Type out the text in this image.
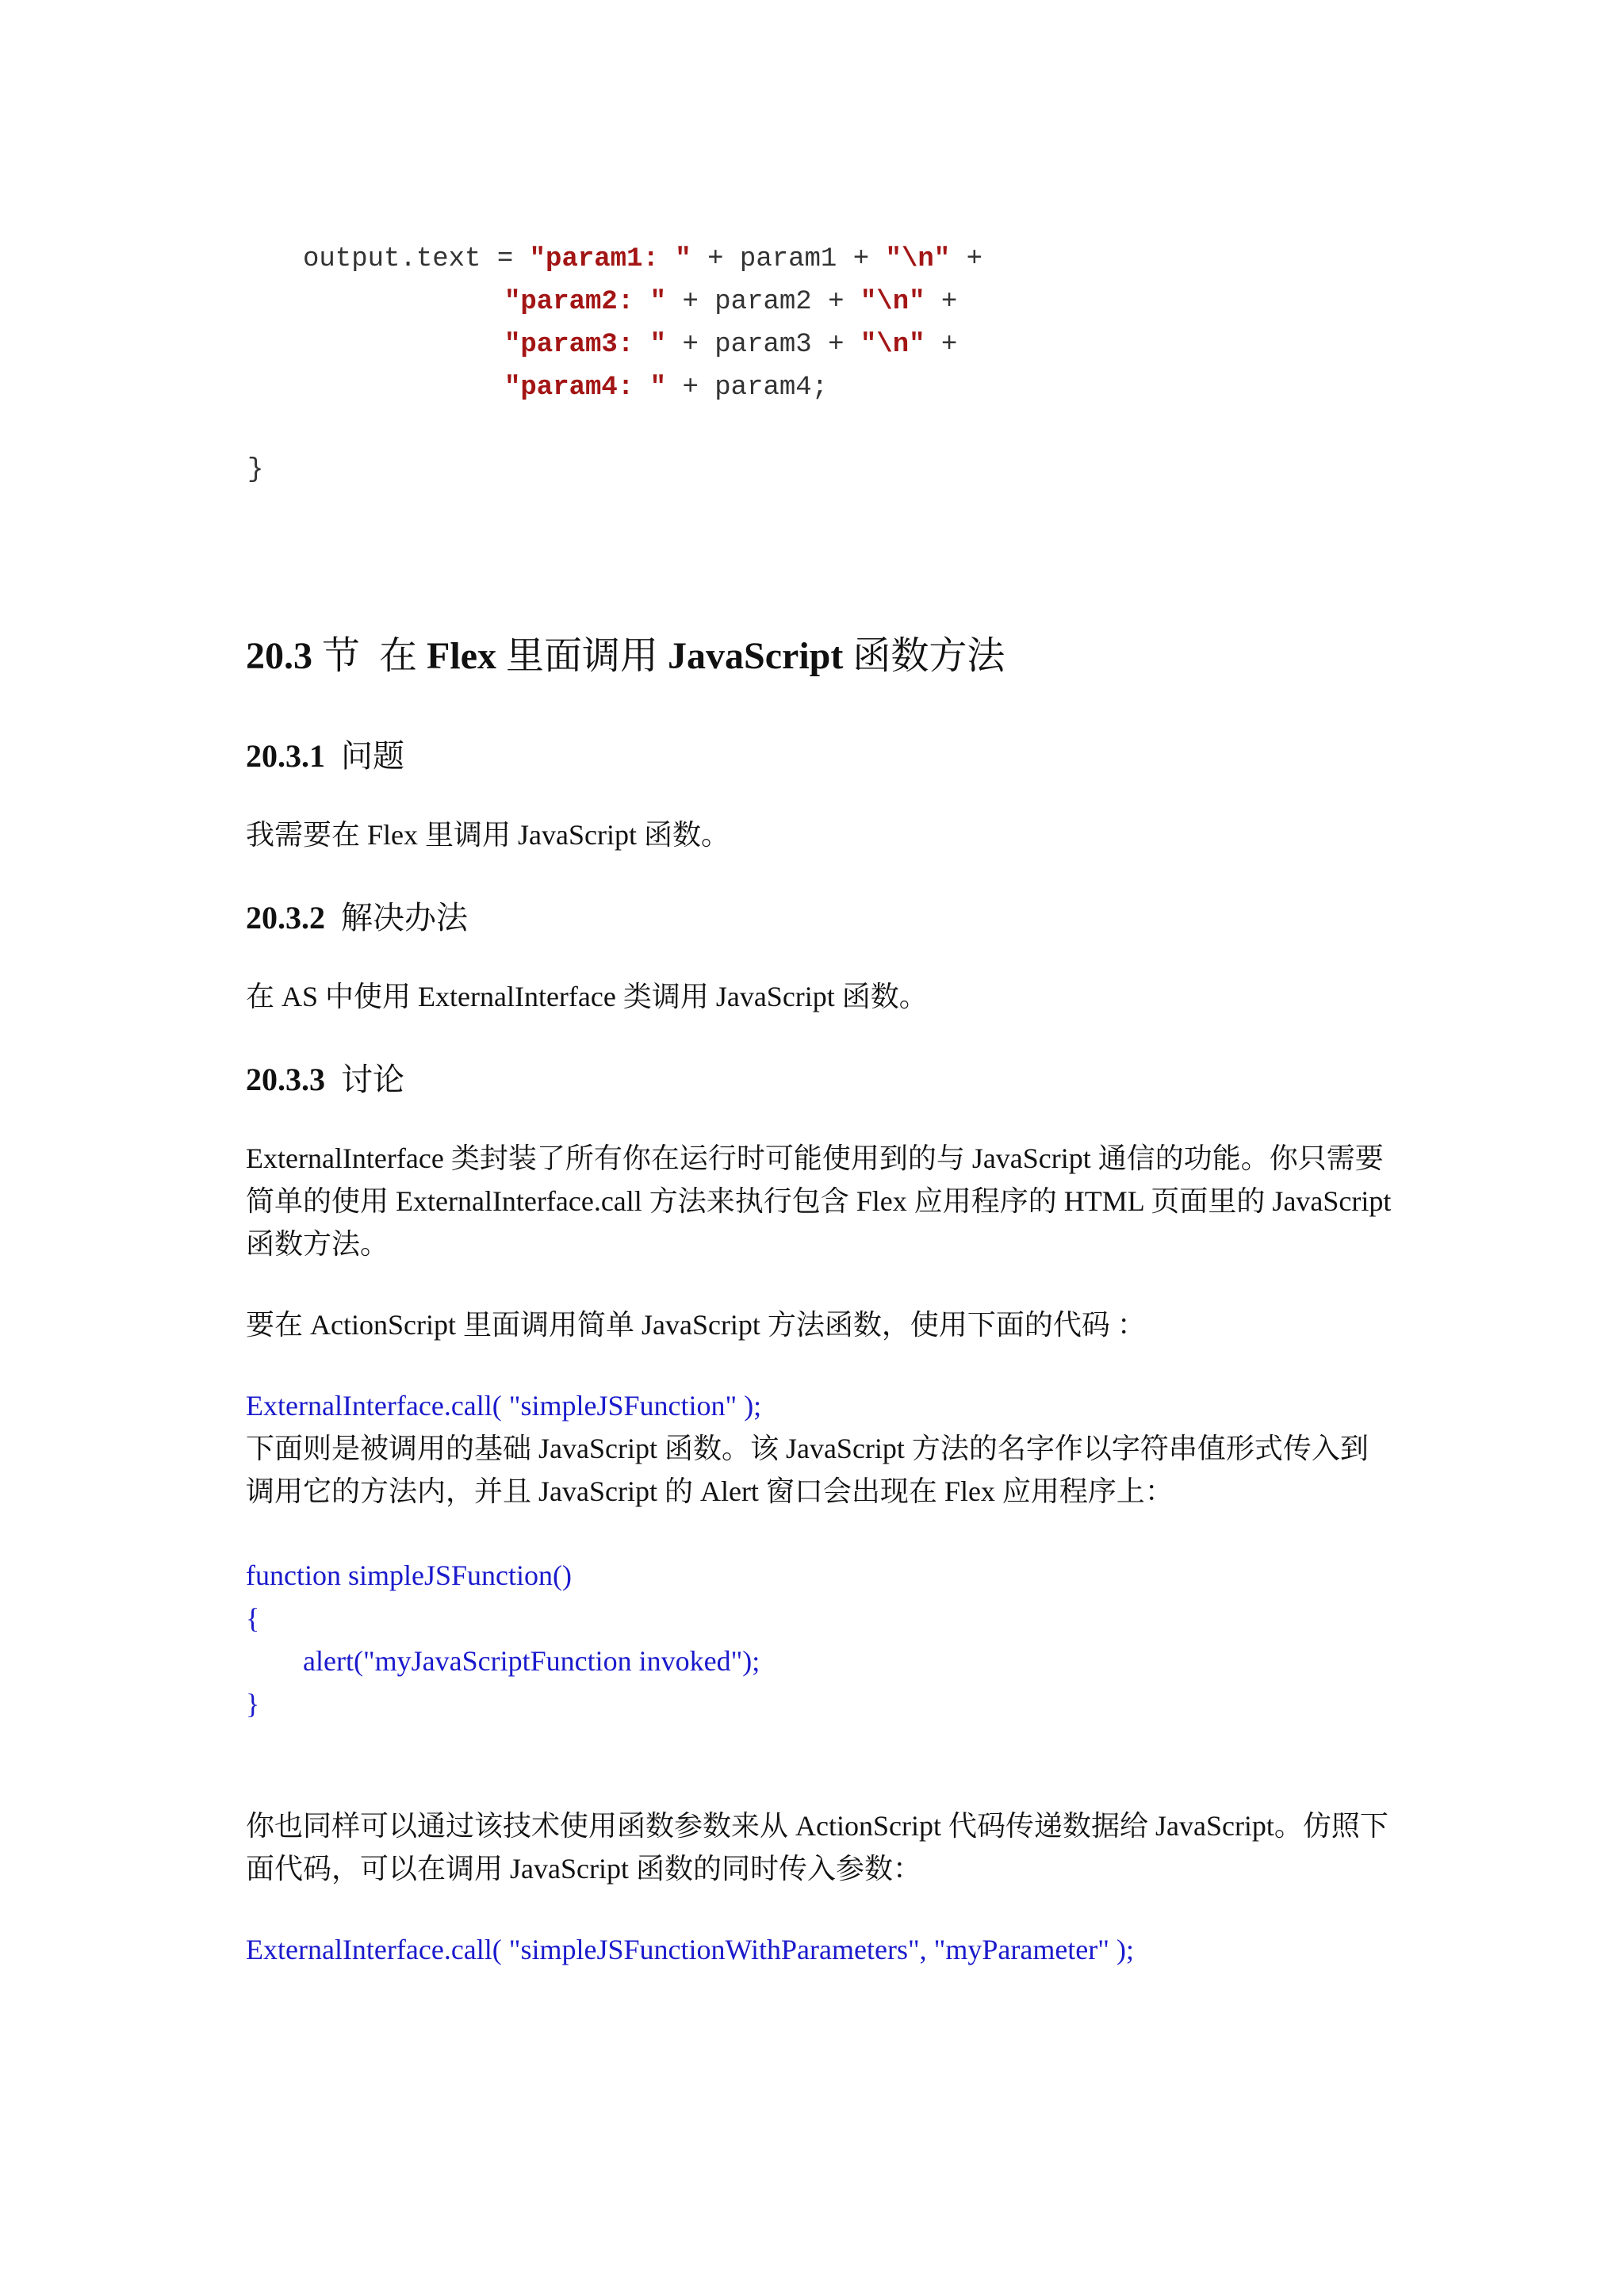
output.text = "param1: " + param1 + "\n" +
"param2: " + param2 + "\n" +
"param3: " + param3 + "\n" +
"param4: " + param4;
}
20.3 节 在 Flex 里面调用 JavaScript 函数方法
20.3.1 问题
我需要在 Flex 里调用 JavaScript 函数。
20.3.2 解决办法
在 AS 中使用 ExternalInterface 类调用 JavaScript 函数。
20.3.3 讨论
ExternalInterface 类封装了所有你在运行时可能使用到的与 JavaScript 通信的功能。你只需要
简单的使用 ExternalInterface.call 方法来执行包含 Flex 应用程序的 HTML 页面里的 JavaScript
函数方法。
要在 ActionScript 里面调用简单 JavaScript 方法函数，使用下面的代码 ：
ExternalInterface.call( "simpleJSFunction" );
下面则是被调用的基础 JavaScript 函数。该 JavaScript 方法的名字作以字符串值形式传入到
调用它的方法内，并且 JavaScript 的 Alert 窗口会出现在 Flex 应用程序上：
function simpleJSFunction()
{
alert("myJavaScriptFunction invoked");
}
你也同样可以通过该技术使用函数参数来从 ActionScript 代码传递数据给 JavaScript。仿照下
面代码，可以在调用 JavaScript 函数的同时传入参数：
ExternalInterface.call( "simpleJSFunctionWithParameters", "myParameter" );
